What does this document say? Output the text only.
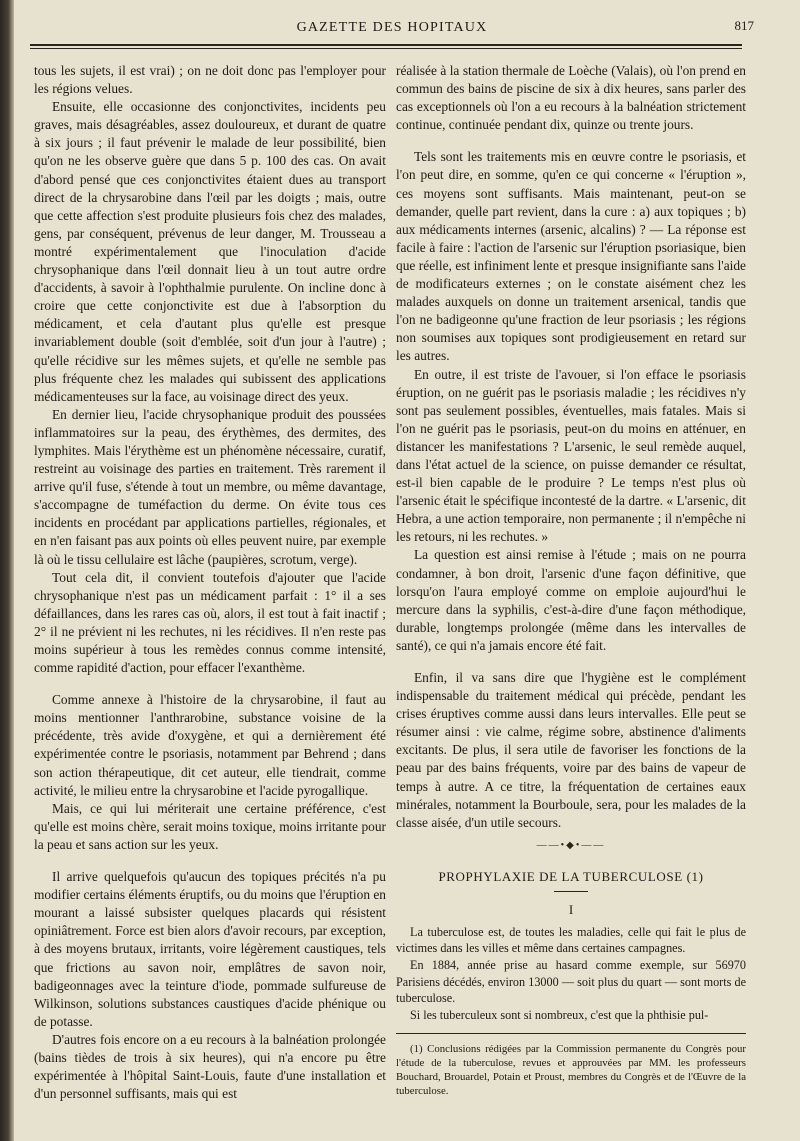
GAZETTE DES HOPITAUX	817

tous les sujets, il est vrai) ; on ne doit donc pas l'employer pour les régions velues.

Ensuite, elle occasionne des conjonctivites, incidents peu graves, mais désagréables, assez douloureux, et durant de quatre à six jours ; il faut prévenir le malade de leur possibilité, bien qu'on ne les observe guère que dans 5 p. 100 des cas. On avait d'abord pensé que ces conjonctivites étaient dues au transport direct de la chrysarobine dans l'œil par les doigts ; mais, outre que cette affection s'est produite plusieurs fois chez des malades, gens, par conséquent, prévenus de leur danger, M. Trousseau a montré expérimentalement que l'inoculation d'acide chrysophanique dans l'œil donnait lieu à un tout autre ordre d'accidents, à savoir à l'ophthalmie purulente. On incline donc à croire que cette conjonctivite est due à l'absorption du médicament, et cela d'autant plus qu'elle est presque invariablement double (soit d'emblée, soit d'un jour à l'autre) ; qu'elle récidive sur les mêmes sujets, et qu'elle ne semble pas plus fréquente chez les malades qui subissent des applications médicamenteuses sur la face, au voisinage direct des yeux.

En dernier lieu, l'acide chrysophanique produit des poussées inflammatoires sur la peau, des érythèmes, des dermites, des lymphites. Mais l'érythème est un phénomène nécessaire, curatif, restreint au voisinage des parties en traitement. Très rarement il arrive qu'il fuse, s'étende à tout un membre, ou même davantage, s'accompagne de tuméfaction du derme. On évite tous ces incidents en procédant par applications partielles, régionales, et en n'en faisant pas aux points où elles peuvent nuire, par exemple là où le tissu cellulaire est lâche (paupières, scrotum, verge).

Tout cela dit, il convient toutefois d'ajouter que l'acide chrysophanique n'est pas un médicament parfait : 1° il a ses défaillances, dans les rares cas où, alors, il est tout à fait inactif ; 2° il ne prévient ni les rechutes, ni les récidives. Il n'en reste pas moins supérieur à tous les remèdes connus comme intensité, comme rapidité d'action, pour effacer l'exanthème.

Comme annexe à l'histoire de la chrysarobine, il faut au moins mentionner l'anthrarobine, substance voisine de la précédente, très avide d'oxygène, et qui a dernièrement été expérimentée contre le psoriasis, notamment par Behrend ; dans son action thérapeutique, dit cet auteur, elle tiendrait, comme activité, le milieu entre la chrysarobine et l'acide pyrogallique.

Mais, ce qui lui mériterait une certaine préférence, c'est qu'elle est moins chère, serait moins toxique, moins irritante pour la peau et sans action sur les yeux.

Il arrive quelquefois qu'aucun des topiques précités n'a pu modifier certains éléments éruptifs, ou du moins que l'éruption en mourant a laissé subsister quelques placards qui résistent opiniâtrement. Force est bien alors d'avoir recours, par exception, à des moyens brutaux, irritants, voire légèrement caustiques, tels que frictions au savon noir, emplâtres de savon noir, badigeonnages avec la teinture d'iode, pommade sulfureuse de Wilkinson, solutions substances caustiques d'acide phénique ou de potasse.

D'autres fois encore on a eu recours à la balnéation prolongée (bains tièdes de trois à six heures), qui n'a encore pu être expérimentée à l'hôpital Saint-Louis, faute d'une installation et d'un personnel suffisants, mais qui est

réalisée à la station thermale de Loèche (Valais), où l'on prend en commun des bains de piscine de six à dix heures, sans parler des cas exceptionnels où l'on a eu recours à la balnéation strictement continue, continuée pendant dix, quinze ou trente jours.

Tels sont les traitements mis en œuvre contre le psoriasis, et l'on peut dire, en somme, qu'en ce qui concerne « l'éruption », ces moyens sont suffisants. Mais maintenant, peut-on se demander, quelle part revient, dans la cure : a) aux topiques ; b) aux médicaments internes (arsenic, alcalins) ? — La réponse est facile à faire : l'action de l'arsenic sur l'éruption psoriasique, bien que réelle, est infiniment lente et presque insignifiante sans l'aide de modificateurs externes ; on le constate aisément chez les malades auxquels on donne un traitement arsenical, tandis que l'on ne badigeonne qu'une fraction de leur psoriasis ; les régions non soumises aux topiques sont prodigieusement en retard sur les autres.

En outre, il est triste de l'avouer, si l'on efface le psoriasis éruption, on ne guérit pas le psoriasis maladie ; les récidives n'y sont pas seulement possibles, éventuelles, mais fatales. Mais si l'on ne guérit pas le psoriasis, peut-on du moins en atténuer, en distancer les manifestations ? L'arsenic, le seul remède auquel, dans l'état actuel de la science, on puisse demander ce résultat, est-il bien capable de le produire ? Le temps n'est plus où l'arsenic était le spécifique incontesté de la dartre. « L'arsenic, dit Hebra, a une action temporaire, non permanente ; il n'empêche ni les retours, ni les rechutes. »

La question est ainsi remise à l'étude ; mais on ne pourra condamner, à bon droit, l'arsenic d'une façon définitive, que lorsqu'on l'aura employé comme on emploie aujourd'hui le mercure dans la syphilis, c'est-à-dire d'une façon méthodique, durable, longtemps prolongée (même dans les intervalles de santé), ce qui n'a jamais encore été fait.

Enfin, il va sans dire que l'hygiène est le complément indispensable du traitement médical qui précède, pendant les crises éruptives comme aussi dans leurs intervalles. Elle peut se résumer ainsi : vie calme, régime sobre, abstinence d'aliments excitants. De plus, il sera utile de favoriser les fonctions de la peau par des bains fréquents, voire par des bains de vapeur de temps à autre. A ce titre, la fréquentation de certaines eaux minérales, notamment la Bourboule, sera, pour les malades de la classe aisée, d'un utile secours.

――•◆•――
PROPHYLAXIE DE LA TUBERCULOSE (1)
I

La tuberculose est, de toutes les maladies, celle qui fait le plus de victimes dans les villes et même dans certaines campagnes.

En 1884, année prise au hasard comme exemple, sur 56970 Parisiens décédés, environ 13000 — soit plus du quart — sont morts de tuberculose.

Si les tuberculeux sont si nombreux, c'est que la phthisie pul-

(1) Conclusions rédigées par la Commission permanente du Congrès pour l'étude de la tuberculose, revues et approuvées par MM. les professeurs Bouchard, Brouardel, Potain et Proust, membres du Congrès et de l'Œuvre de la tuberculose.
